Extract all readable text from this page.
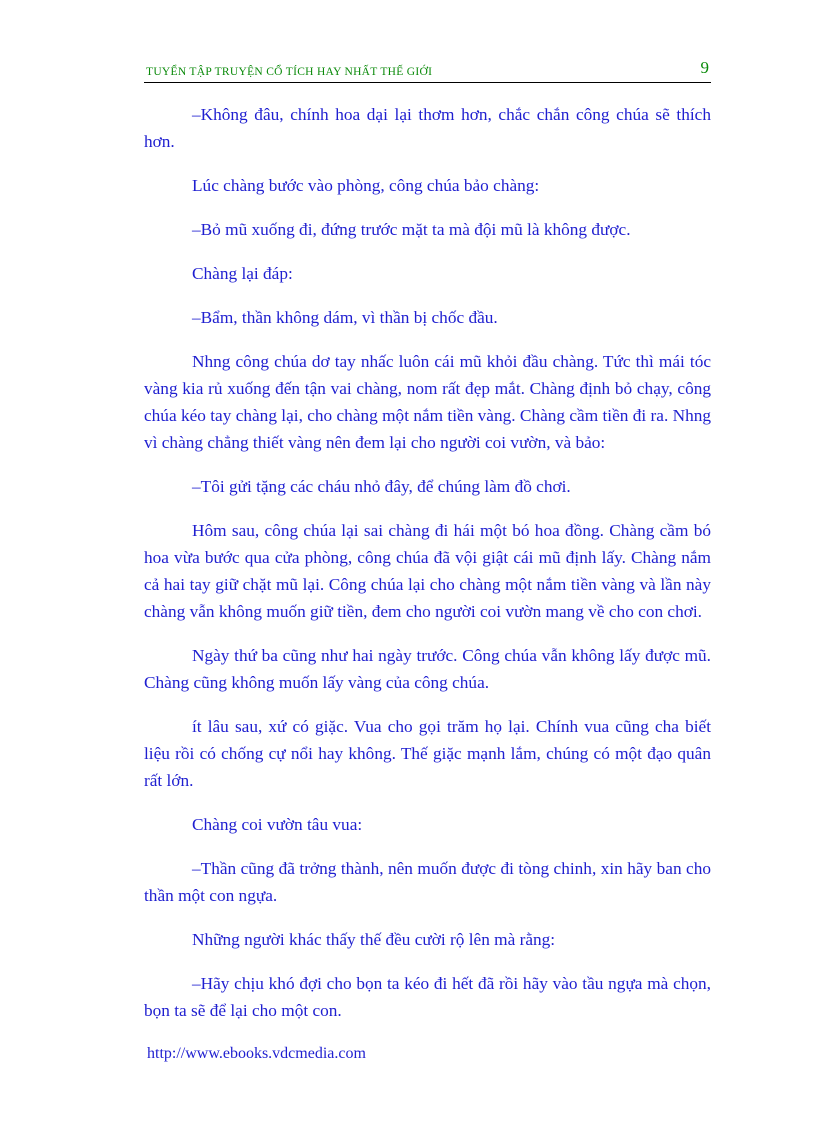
TUYỂN TẬP TRUYỆN CỔ TÍCH HAY NHẤT THẾ GIỚI	9

–Không đâu, chính hoa dại lại thơm hơn, chắc chắn công chúa sẽ thích hơn.

Lúc chàng bước vào phòng, công chúa bảo chàng:

–Bỏ mũ xuống đi, đứng trước mặt ta mà đội mũ là không được.

Chàng lại đáp:

–Bẩm, thần không dám, vì thần bị chốc đầu.

Nhng công chúa dơ tay nhấc luôn cái mũ khỏi đầu chàng. Tức thì mái tóc vàng kia rủ xuống đến tận vai chàng, nom rất đẹp mắt. Chàng định bỏ chạy, công chúa kéo tay chàng lại, cho chàng một nắm tiền vàng. Chàng cầm tiền đi ra. Nhng vì chàng chẳng thiết vàng nên đem lại cho người coi vườn, và bảo:

–Tôi gửi tặng các cháu nhỏ đây, để chúng làm đồ chơi.

Hôm sau, công chúa lại sai chàng đi hái một bó hoa đồng. Chàng cầm bó hoa vừa bước qua cửa phòng, công chúa đã vội giật cái mũ định lấy. Chàng nắm cả hai tay giữ chặt mũ lại. Công chúa lại cho chàng một nắm tiền vàng và lần này chàng vẫn không muốn giữ tiền, đem cho người coi vườn mang về cho con chơi.

Ngày thứ ba cũng như hai ngày trước. Công chúa vẫn không lấy được mũ. Chàng cũng không muốn lấy vàng của công chúa.

ít lâu sau, xứ có giặc. Vua cho gọi trăm họ lại. Chính vua cũng cha biết liệu rồi có chống cự nổi hay không. Thế giặc mạnh lắm, chúng có một đạo quân rất lớn.

Chàng coi vườn tâu vua:

–Thần cũng đã trởng thành, nên muốn được đi tòng chinh, xin hãy ban cho thần một con ngựa.

Những người khác thấy thế đều cười rộ lên mà rằng:

–Hãy chịu khó đợi cho bọn ta kéo đi hết đã rồi hãy vào tầu ngựa mà chọn, bọn ta sẽ để lại cho một con.

http://www.ebooks.vdcmedia.com
